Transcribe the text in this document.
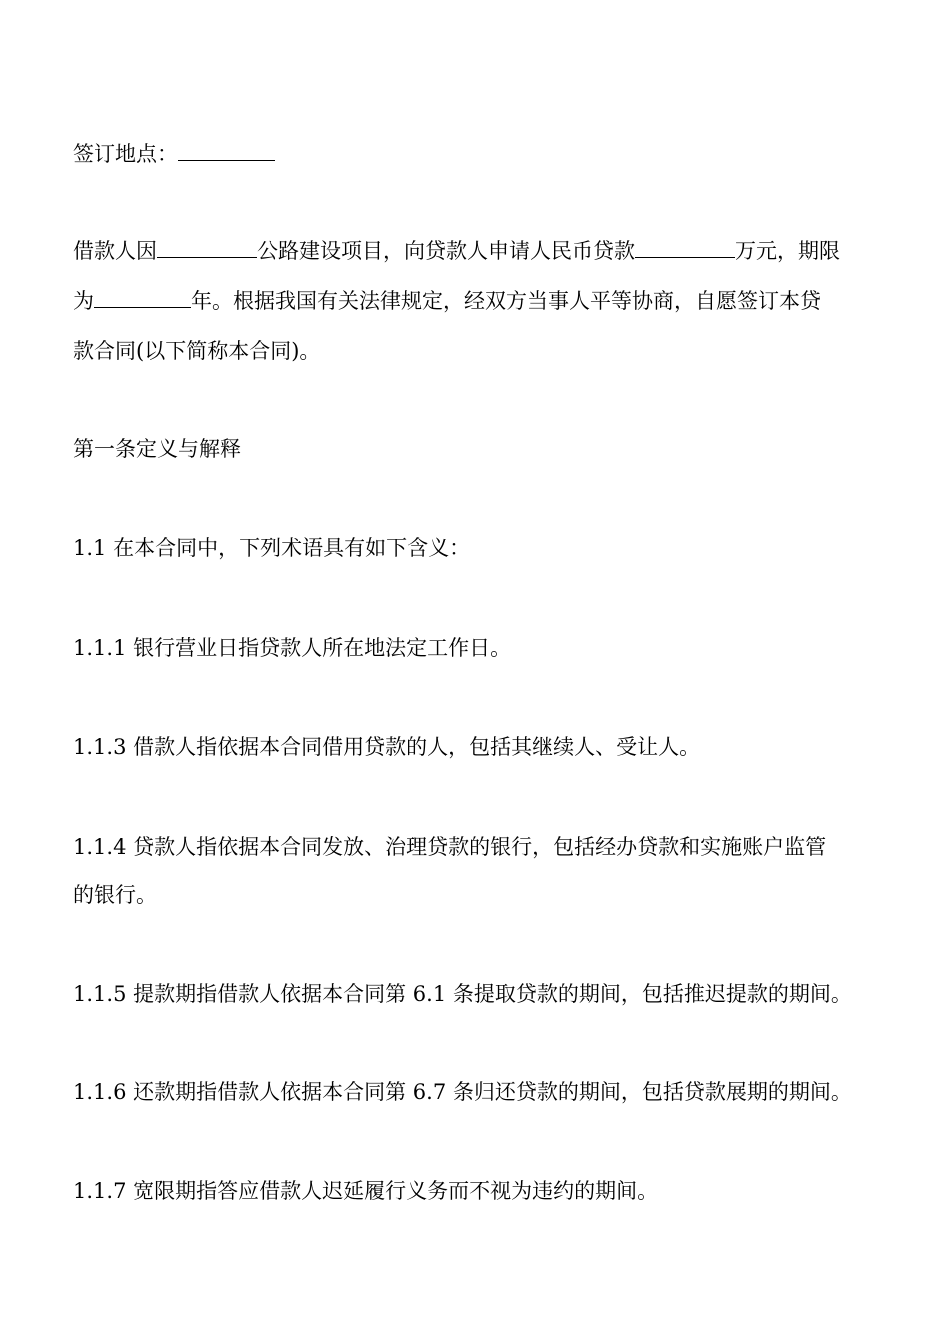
签订地点：

借款人因	公路建设项目，向贷款人申请人民币贷款	万元，期限

为	年。根据我国有关法律规定，经双方当事人平等协商，自愿签订本贷

款合同(以下简称本合同)。

第一条定义与解释

1.1 在本合同中，下列术语具有如下含义：

1.1.1 银行营业日指贷款人所在地法定工作日。

1.1.3 借款人指依据本合同借用贷款的人，包括其继续人、受让人。

1.1.4 贷款人指依据本合同发放、治理贷款的银行，包括经办贷款和实施账户监管

的银行。

1.1.5 提款期指借款人依据本合同第 6.1 条提取贷款的期间，包括推迟提款的期间。

1.1.6 还款期指借款人依据本合同第 6.7 条归还贷款的期间，包括贷款展期的期间。

1.1.7 宽限期指答应借款人迟延履行义务而不视为违约的期间。
